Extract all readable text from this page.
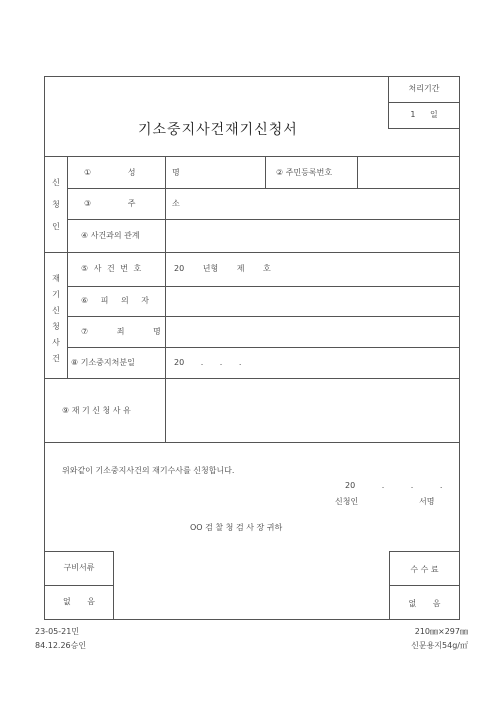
처리기간
1 일
기소중지사건재기신청서
신
청
인
재
기
신
청
사
건
① 성 명	② 주민등록번호
③ 주 소
④ 사건과의 관계
⑤ 사 건 번 호	20 년형 제 호
⑥ 피 의 자
⑦ 죄 명
⑧ 기소중지처분일	20 . . .
⑨ 재 기 신 청 사 유
위와같이 기소중지사건의 재기수사를 신청합니다.
20 . . .
신청인	서명
OO 검 찰 청 검 사 장 귀하
구비서류
없 음
수 수 료
없 음
23-05-21민
84.12.26승인
210㎜×297㎜
신문용지54g/㎡
